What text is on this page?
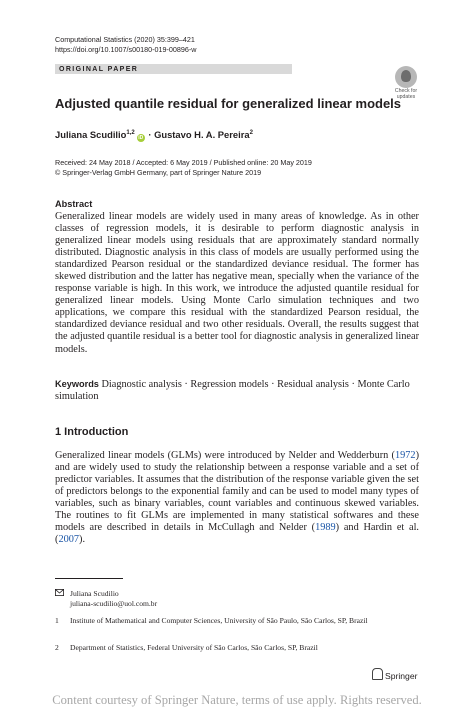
Computational Statistics (2020) 35:399–421
https://doi.org/10.1007/s00180-019-00896-w
ORIGINAL PAPER
Check for updates
Adjusted quantile residual for generalized linear models
Juliana Scudilio$^{1,2}$iD · Gustavo H. A. Pereira$^2$
Received: 24 May 2018 / Accepted: 6 May 2019 / Published online: 20 May 2019
© Springer-Verlag GmbH Germany, part of Springer Nature 2019
Abstract
Generalized linear models are widely used in many areas of knowledge. As in other classes of regression models, it is desirable to perform diagnostic analysis in generalized linear models using residuals that are approximately standard normally distributed. Diagnostic analysis in this class of models are usually performed using the standardized Pearson residual or the standardized deviance residual. The former has skewed distribution and the latter has negative mean, specially when the variance of the response variable is high. In this work, we introduce the adjusted quantile residual for generalized linear models. Using Monte Carlo simulation techniques and two applications, we compare this residual with the standardized Pearson residual, the standardized deviance residual and two other residuals. Overall, the results suggest that the adjusted quantile residual is a better tool for diagnostic analysis in generalized linear models.
Keywords Diagnostic analysis · Regression models · Residual analysis · Monte Carlo simulation
1 Introduction
Generalized linear models (GLMs) were introduced by Nelder and Wedderburn (1972) and are widely used to study the relationship between a response variable and a set of predictor variables. It assumes that the distribution of the response variable given the set of predictors belongs to the exponential family and can be used to model many types of variables, such as binary variables, count variables and continuous skewed variables. The routines to fit GLMs are implemented in many statistical softwares and these models are described in details in McCullagh and Nelder (1989) and Hardin et al. (2007).
Juliana Scudilio
juliana-scudilio@uol.com.br
1 Institute of Mathematical and Computer Sciences, University of São Paulo, São Carlos, SP, Brazil
2 Department of Statistics, Federal University of São Carlos, São Carlos, SP, Brazil
Springer
Content courtesy of Springer Nature, terms of use apply. Rights reserved.
